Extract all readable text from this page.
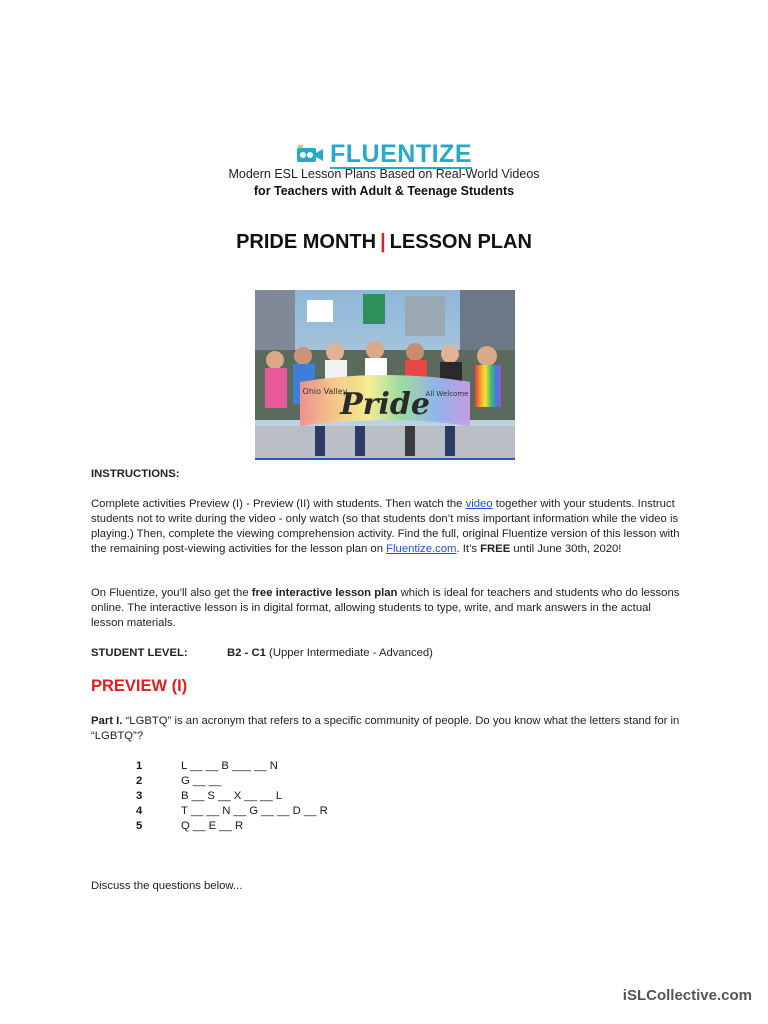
FLUENTIZE
Modern ESL Lesson Plans Based on Real-World Videos
for Teachers with Adult & Teenage Students
PRIDE MONTH | LESSON PLAN
Pride
Ohio Valley	All Welcome
INSTRUCTIONS:
Complete activities Preview (I) - Preview (II) with students. Then watch the video together with your students. Instruct students not to write during the video - only watch (so that students don’t miss important information while the video is playing.) Then, complete the viewing comprehension activity. Find the full, original Fluentize version of this lesson with the remaining post-viewing activities for the lesson plan on Fluentize.com. It’s FREE until June 30th, 2020!
On Fluentize, you’ll also get the free interactive lesson plan which is ideal for teachers and students who do lessons online. The interactive lesson is in digital format, allowing students to type, write, and mark answers in the actual lesson materials.
STUDENT LEVEL:	B2 - C1 (Upper Intermediate - Advanced)
PREVIEW (I)
Part I. “LGBTQ” is an acronym that refers to a specific community of people. Do you know what the letters stand for in “LGBTQ”?
1	L __ __ B ___ __ N
2	G __ __
3	B __ S __ X __ __ L
4	T __ __ N __ G __ __ D __ R
5	Q __ E __ R
Discuss the questions below...
iSLCollective.com
